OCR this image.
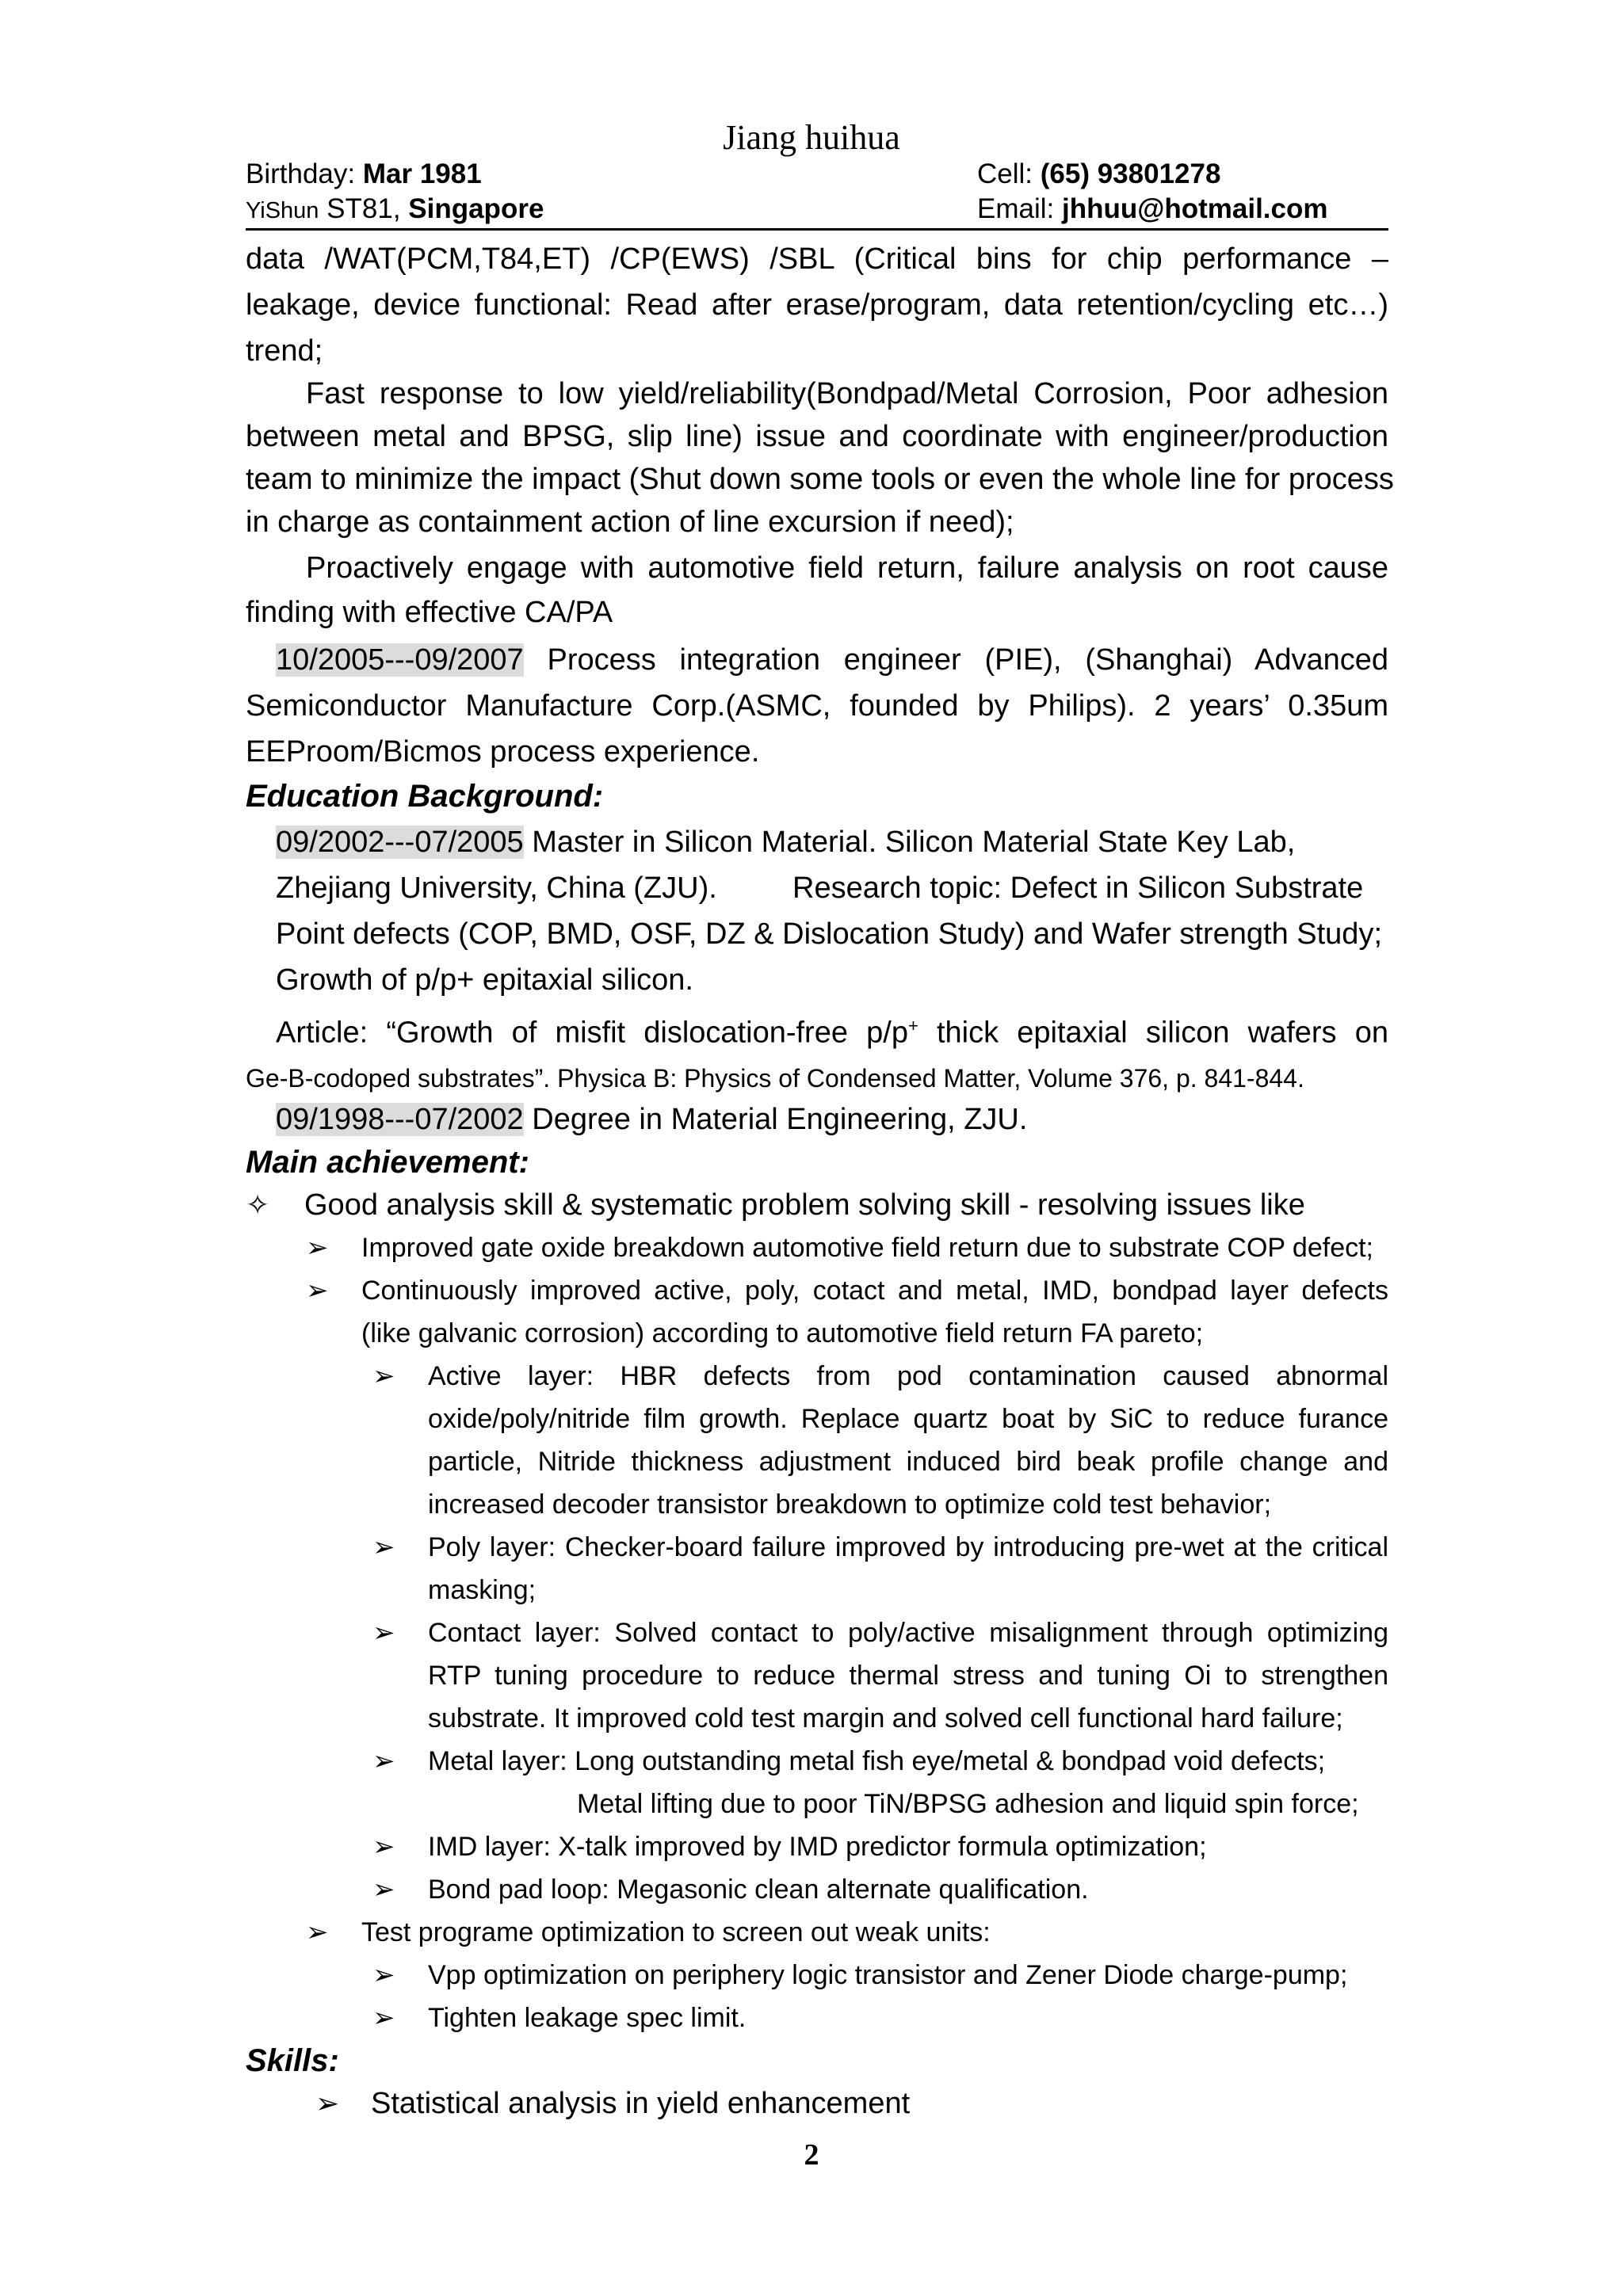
Jiang huihua
Birthday: Mar 1981
YiShun ST81, Singapore
Cell: (65) 93801278
Email: jhhuu@hotmail.com
data /WAT(PCM,T84,ET) /CP(EWS) /SBL (Critical bins for chip performance –
leakage, device functional: Read after erase/program, data retention/cycling etc…)
trend;
Fast response to low yield/reliability(Bondpad/Metal Corrosion, Poor adhesion
between metal and BPSG, slip line) issue and coordinate with engineer/production
team to minimize the impact (Shut down some tools or even the whole line for process
in charge as containment action of line excursion if need);
Proactively engage with automotive field return, failure analysis on root cause
finding with effective CA/PA
10/2005---09/2007 Process integration engineer (PIE), (Shanghai) Advanced
Semiconductor Manufacture Corp.(ASMC, founded by Philips). 2 years’ 0.35um
EEProom/Bicmos process experience.
Education Background:
09/2002---07/2005 Master in Silicon Material. Silicon Material State Key Lab,
Zhejiang University, China (ZJU).	Research topic: Defect in Silicon Substrate
Point defects (COP, BMD, OSF, DZ & Dislocation Study) and Wafer strength Study;
Growth of p/p+ epitaxial silicon.
Article: “Growth of misfit dislocation-free p/p+ thick epitaxial silicon wafers on
Ge-B-codoped substrates”. Physica B: Physics of Condensed Matter, Volume 376, p. 841-844.
09/1998---07/2002 Degree in Material Engineering, ZJU.
Main achievement:
✧ Good analysis skill & systematic problem solving skill - resolving issues like
➢ Improved gate oxide breakdown automotive field return due to substrate COP defect;
➢ Continuously improved active, poly, cotact and metal, IMD, bondpad layer defects
(like galvanic corrosion) according to automotive field return FA pareto;
➢ Active layer: HBR defects from pod contamination caused abnormal
oxide/poly/nitride film growth. Replace quartz boat by SiC to reduce furance
particle, Nitride thickness adjustment induced bird beak profile change and
increased decoder transistor breakdown to optimize cold test behavior;
➢ Poly layer: Checker-board failure improved by introducing pre-wet at the critical
masking;
➢ Contact layer: Solved contact to poly/active misalignment through optimizing
RTP tuning procedure to reduce thermal stress and tuning Oi to strengthen
substrate. It improved cold test margin and solved cell functional hard failure;
➢ Metal layer: Long outstanding metal fish eye/metal & bondpad void defects;
Metal lifting due to poor TiN/BPSG adhesion and liquid spin force;
➢ IMD layer: X-talk improved by IMD predictor formula optimization;
➢ Bond pad loop: Megasonic clean alternate qualification.
➢ Test programe optimization to screen out weak units:
➢ Vpp optimization on periphery logic transistor and Zener Diode charge-pump;
➢ Tighten leakage spec limit.
Skills:
➢ Statistical analysis in yield enhancement
2
